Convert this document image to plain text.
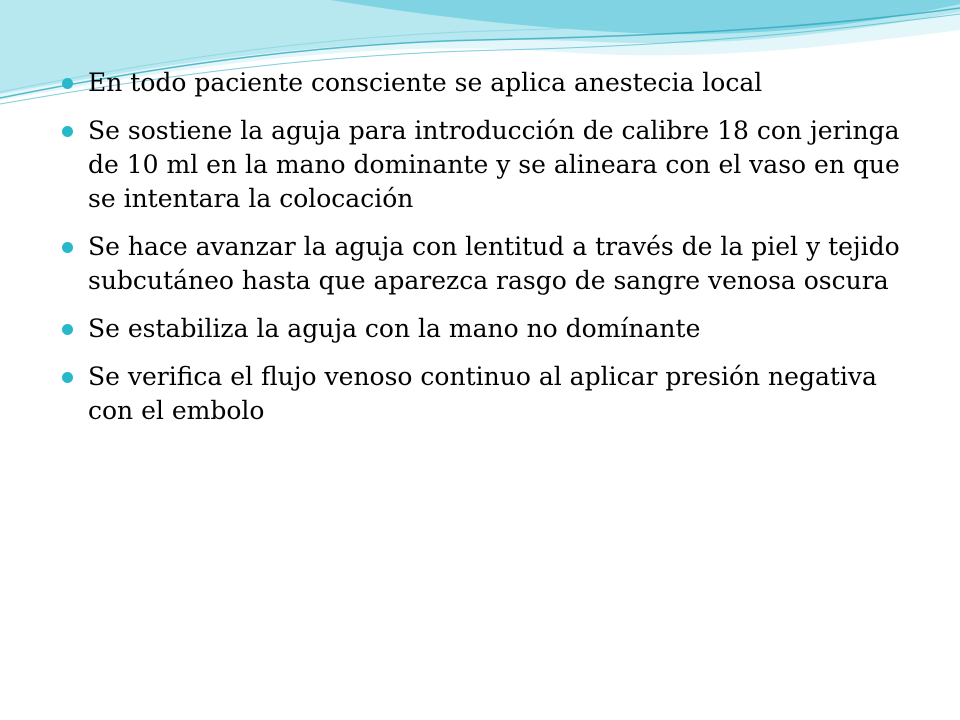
En todo paciente consciente se aplica anestecia local
Se sostiene la aguja para introducción de calibre 18 con jeringa de 10 ml en la mano dominante y se alineara con el vaso en que se intentara la colocación
Se hace avanzar la aguja con lentitud a través de la piel y tejido subcutáneo hasta que aparezca rasgo de sangre venosa oscura
Se estabiliza la aguja con la mano no domínante
Se verifica el flujo venoso continuo al aplicar presión negativa con el embolo
